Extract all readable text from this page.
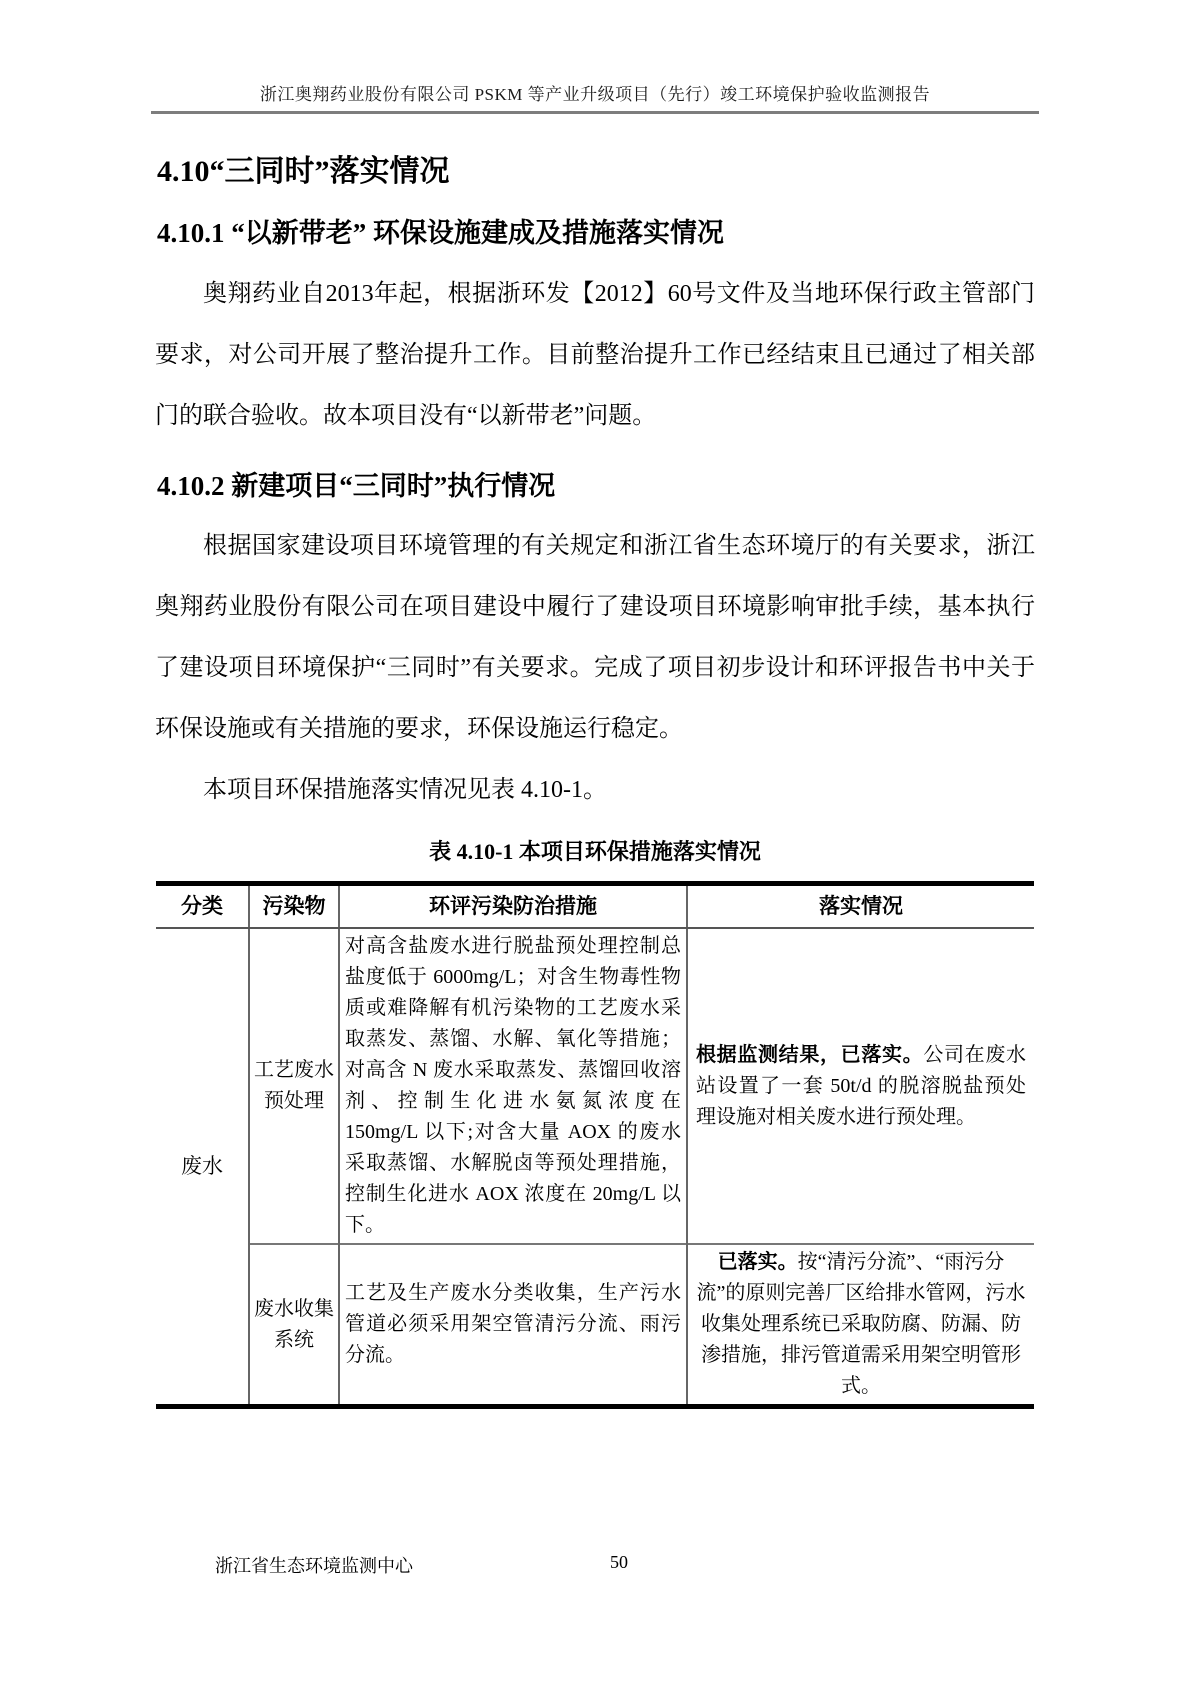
浙江奥翔药业股份有限公司 PSKM 等产业升级项目（先行）竣工环境保护验收监测报告
4.10“三同时”落实情况
4.10.1 “以新带老” 环保设施建成及措施落实情况

奥翔药业自2013年起，根据浙环发【2012】60号文件及当地环保行政主管部门要求，对公司开展了整治提升工作。目前整治提升工作已经结束且已通过了相关部门的联合验收。故本项目没有“以新带老”问题。

4.10.2 新建项目“三同时”执行情况

根据国家建设项目环境管理的有关规定和浙江省生态环境厅的有关要求，浙江奥翔药业股份有限公司在项目建设中履行了建设项目环境影响审批手续，基本执行了建设项目环境保护“三同时”有关要求。完成了项目初步设计和环评报告书中关于环保设施或有关措施的要求，环保设施运行稳定。

本项目环保措施落实情况见表 4.10-1。

表 4.10-1 本项目环保措施落实情况
分类	污染物	环评污染防治措施	落实情况
废水	工艺废水预处理	对高含盐废水进行脱盐预处理控制总盐度低于 6000mg/L；对含生物毒性物质或难降解有机污染物的工艺废水采取蒸发、蒸馏、水解、氧化等措施；对高含 N 废水采取蒸发、蒸馏回收溶剂、控制生化进水氨氮浓度在 150mg/L 以下;对含大量 AOX 的废水采取蒸馏、水解脱卤等预处理措施，控制生化进水 AOX 浓度在 20mg/L 以下。	根据监测结果，已落实。公司在废水站设置了一套 50t/d 的脱溶脱盐预处理设施对相关废水进行预处理。
	废水收集系统	工艺及生产废水分类收集，生产污水管道必须采用架空管清污分流、雨污分流。	已落实。按“清污分流”、“雨污分流”的原则完善厂区给排水管网，污水收集处理系统已采取防腐、防漏、防渗措施，排污管道需采用架空明管形式。
浙江省生态环境监测中心	50
